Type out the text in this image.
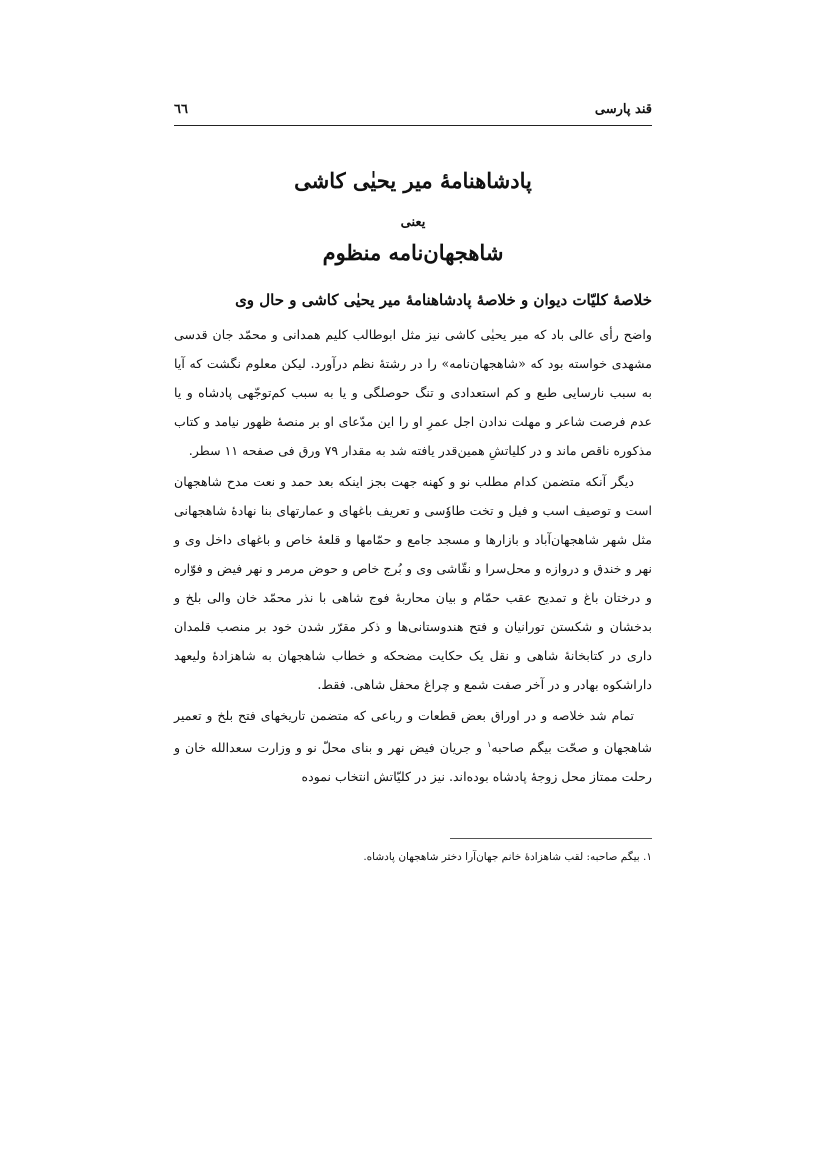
قند پارسی
٦٦
پادشاهنامهٔ میر یحیٰی کاشی
یعنی
شاهجهان‌نامه منظوم
خلاصهٔ کلیّات دیوان و خلاصهٔ پادشاهنامهٔ میر یحیٰی کاشی و حال وی

واضح رأی عالی باد که میر یحیٰی کاشی نیز مثل ابوطالب کلیم همدانی و محمّد جان قدسی مشهدی خواسته بود که «شاهجهان‌نامه» را در رشتهٔ نظم درآورد. لیکن معلوم نگشت که آیا به سبب نارسایی طبع و کم استعدادی و تنگ حوصلگی و یا به سبب کم‌توجّهی پادشاه و یا عدم فرصت شاعر و مهلت ندادن اجل عمرِ او را این مدّعای او بر منصهٔ ظهور نیامد و کتاب مذکوره ناقص ماند و در کلیاتشِ همین‌قدر یافته شد به مقدار ۷۹ ورق فی صفحه ۱۱ سطر.

دیگر آنکه متضمن کدام مطلب نو و کهنه جهت بجز اینکه بعد حمد و نعت مدح شاهجهان است و توصیف اسب و فیل و تخت طاوٗسی و تعریف باغهای و عمارتهای بنا نهادهٔ شاهجهانی مثل شهر شاهجهان‌آباد و بازارها و مسجد جامع و حمّامها و قلعهٔ خاص و باغهای داخل وی و نهر و خندق و دروازه و محل‌سرا و نقّاشی وی و بُرج خاص و حوض مرمر و نهر فیض و فوّاره و درختان باغ و تمدیح عقب حمّام و بیان محاربهٔ فوج شاهی با نذر محمّد خان والی بلخ و بدخشان و شکستن تورانیان و فتح هندوستانی‌ها و ذکر مقرّر شدن خود بر منصب قلمدان داری در کتابخانهٔ شاهی و نقل یک حکایت مضحکه و خطاب شاهجهان به شاهزادهٔ ولیعهد داراشکوه بهادر و در آخر صفت شمع و چراغ محفل شاهی. فقط.

تمام شد خلاصه و در اوراق بعض قطعات و رباعی که متضمن تاریخهای فتح بلخ و تعمیر شاهجهان و صحّت بیگم صاحبه$^۱$ و جریان فیض نهر و بنای محلّ نو و وزارت سعدالله خان و رحلت ممتاز محل زوجهٔ پادشاه بوده‌اند. نیز در کلیّاتش انتخاب نموده

۱. بیگم صاحبه: لقب شاهزادهٔ خانم جهان‌آرا دختر شاهجهان پادشاه.
